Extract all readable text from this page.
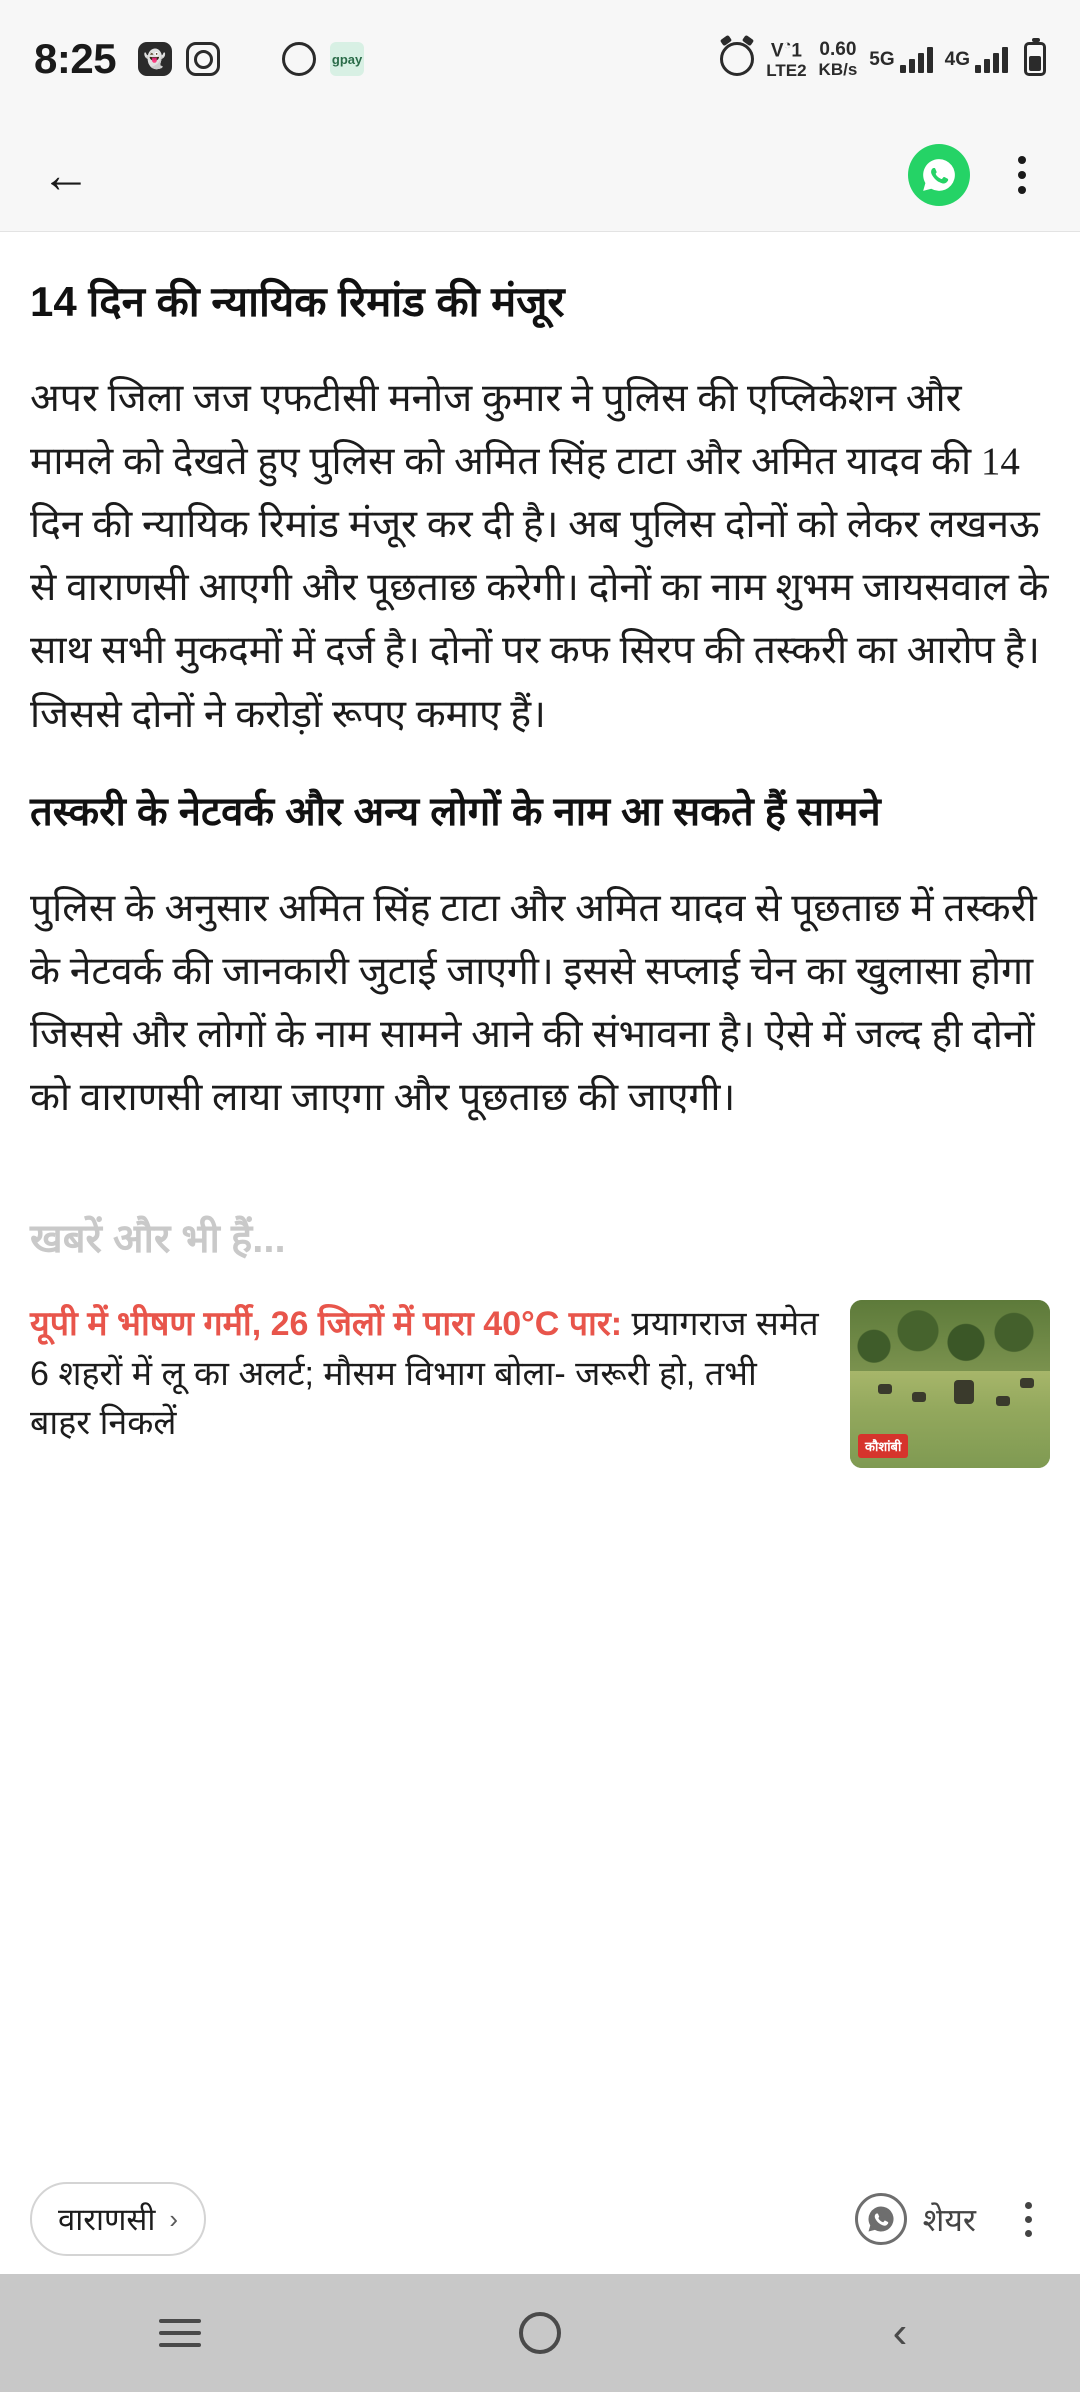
8:25	👻	gpay	V◔1
LTE2
0.60
KB/s 5G	4G
←
14 दिन की न्यायिक रिमांड की मंजूर
अपर जिला जज एफटीसी मनोज कुमार ने पुलिस की एप्लिकेशन और मामले को देखते हुए पुलिस को अमित सिंह टाटा और अमित यादव की 14 दिन की न्यायिक रिमांड मंजूर कर दी है। अब पुलिस दोनों को लेकर लखनऊ से वाराणसी आएगी और पूछताछ करेगी। दोनों का नाम शुभम जायसवाल के साथ सभी मुकदमों में दर्ज है। दोनों पर कफ सिरप की तस्करी का आरोप है। जिससे दोनों ने करोड़ों रूपए कमाए हैं।
तस्करी के नेटवर्क और अन्य लोगों के नाम आ सकते हैं सामने
पुलिस के अनुसार अमित सिंह टाटा और अमित यादव से पूछताछ में तस्करी के नेटवर्क की जानकारी जुटाई जाएगी। इससे सप्लाई चेन का खुलासा होगा जिससे और लोगों के नाम सामने आने की संभावना है। ऐसे में जल्द ही दोनों को वाराणसी लाया जाएगा और पूछताछ की जाएगी।
खबरें और भी हैं...
यूपी में भीषण गर्मी, 26 जिलों में पारा 40°C पार: प्रयागराज समेत 6 शहरों में लू का अलर्ट; मौसम विभाग बोला- जरूरी हो, तभी बाहर निकलें
कौशांबी
वाराणसी ›	शेयर
‹
